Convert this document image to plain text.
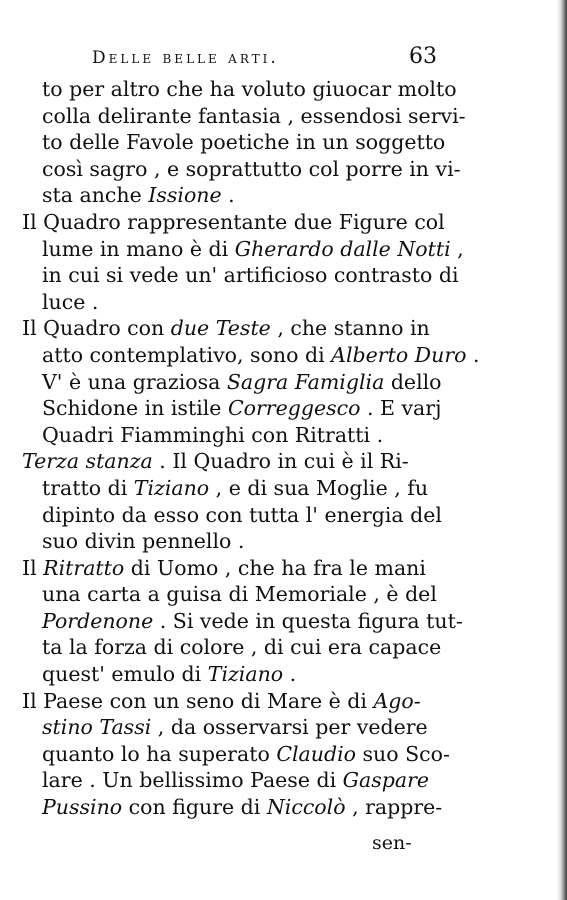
Delle belle arti.	63
to per altro che ha voluto giuocar molto
colla delirante fantasia , essendosi servi-
to delle Favole poetiche in un soggetto
così sagro , e soprattutto col porre in vi-
sta anche Issione .
Il Quadro rappresentante due Figure col
lume in mano è di Gherardo dalle Notti ,
in cui si vede un' artificioso contrasto di
luce .
Il Quadro con due Teste , che stanno in
atto contemplativo, sono di Alberto Duro .
V' è una graziosa Sagra Famiglia dello
Schidone in istile Correggesco . E varj
Quadri Fiamminghi con Ritratti .
Terza stanza . Il Quadro in cui è il Ri-
tratto di Tiziano , e di sua Moglie , fu
dipinto da esso con tutta l' energia del
suo divin pennello .
Il Ritratto di Uomo , che ha fra le mani
una carta a guisa di Memoriale , è del
Pordenone . Si vede in questa figura tut-
ta la forza di colore , di cui era capace
quest' emulo di Tiziano .
Il Paese con un seno di Mare è di Ago-
stino Tassi , da osservarsi per vedere
quanto lo ha superato Claudio suo Sco-
lare . Un bellissimo Paese di Gaspare
Pussino con figure di Niccolò , rappre-
sen-
